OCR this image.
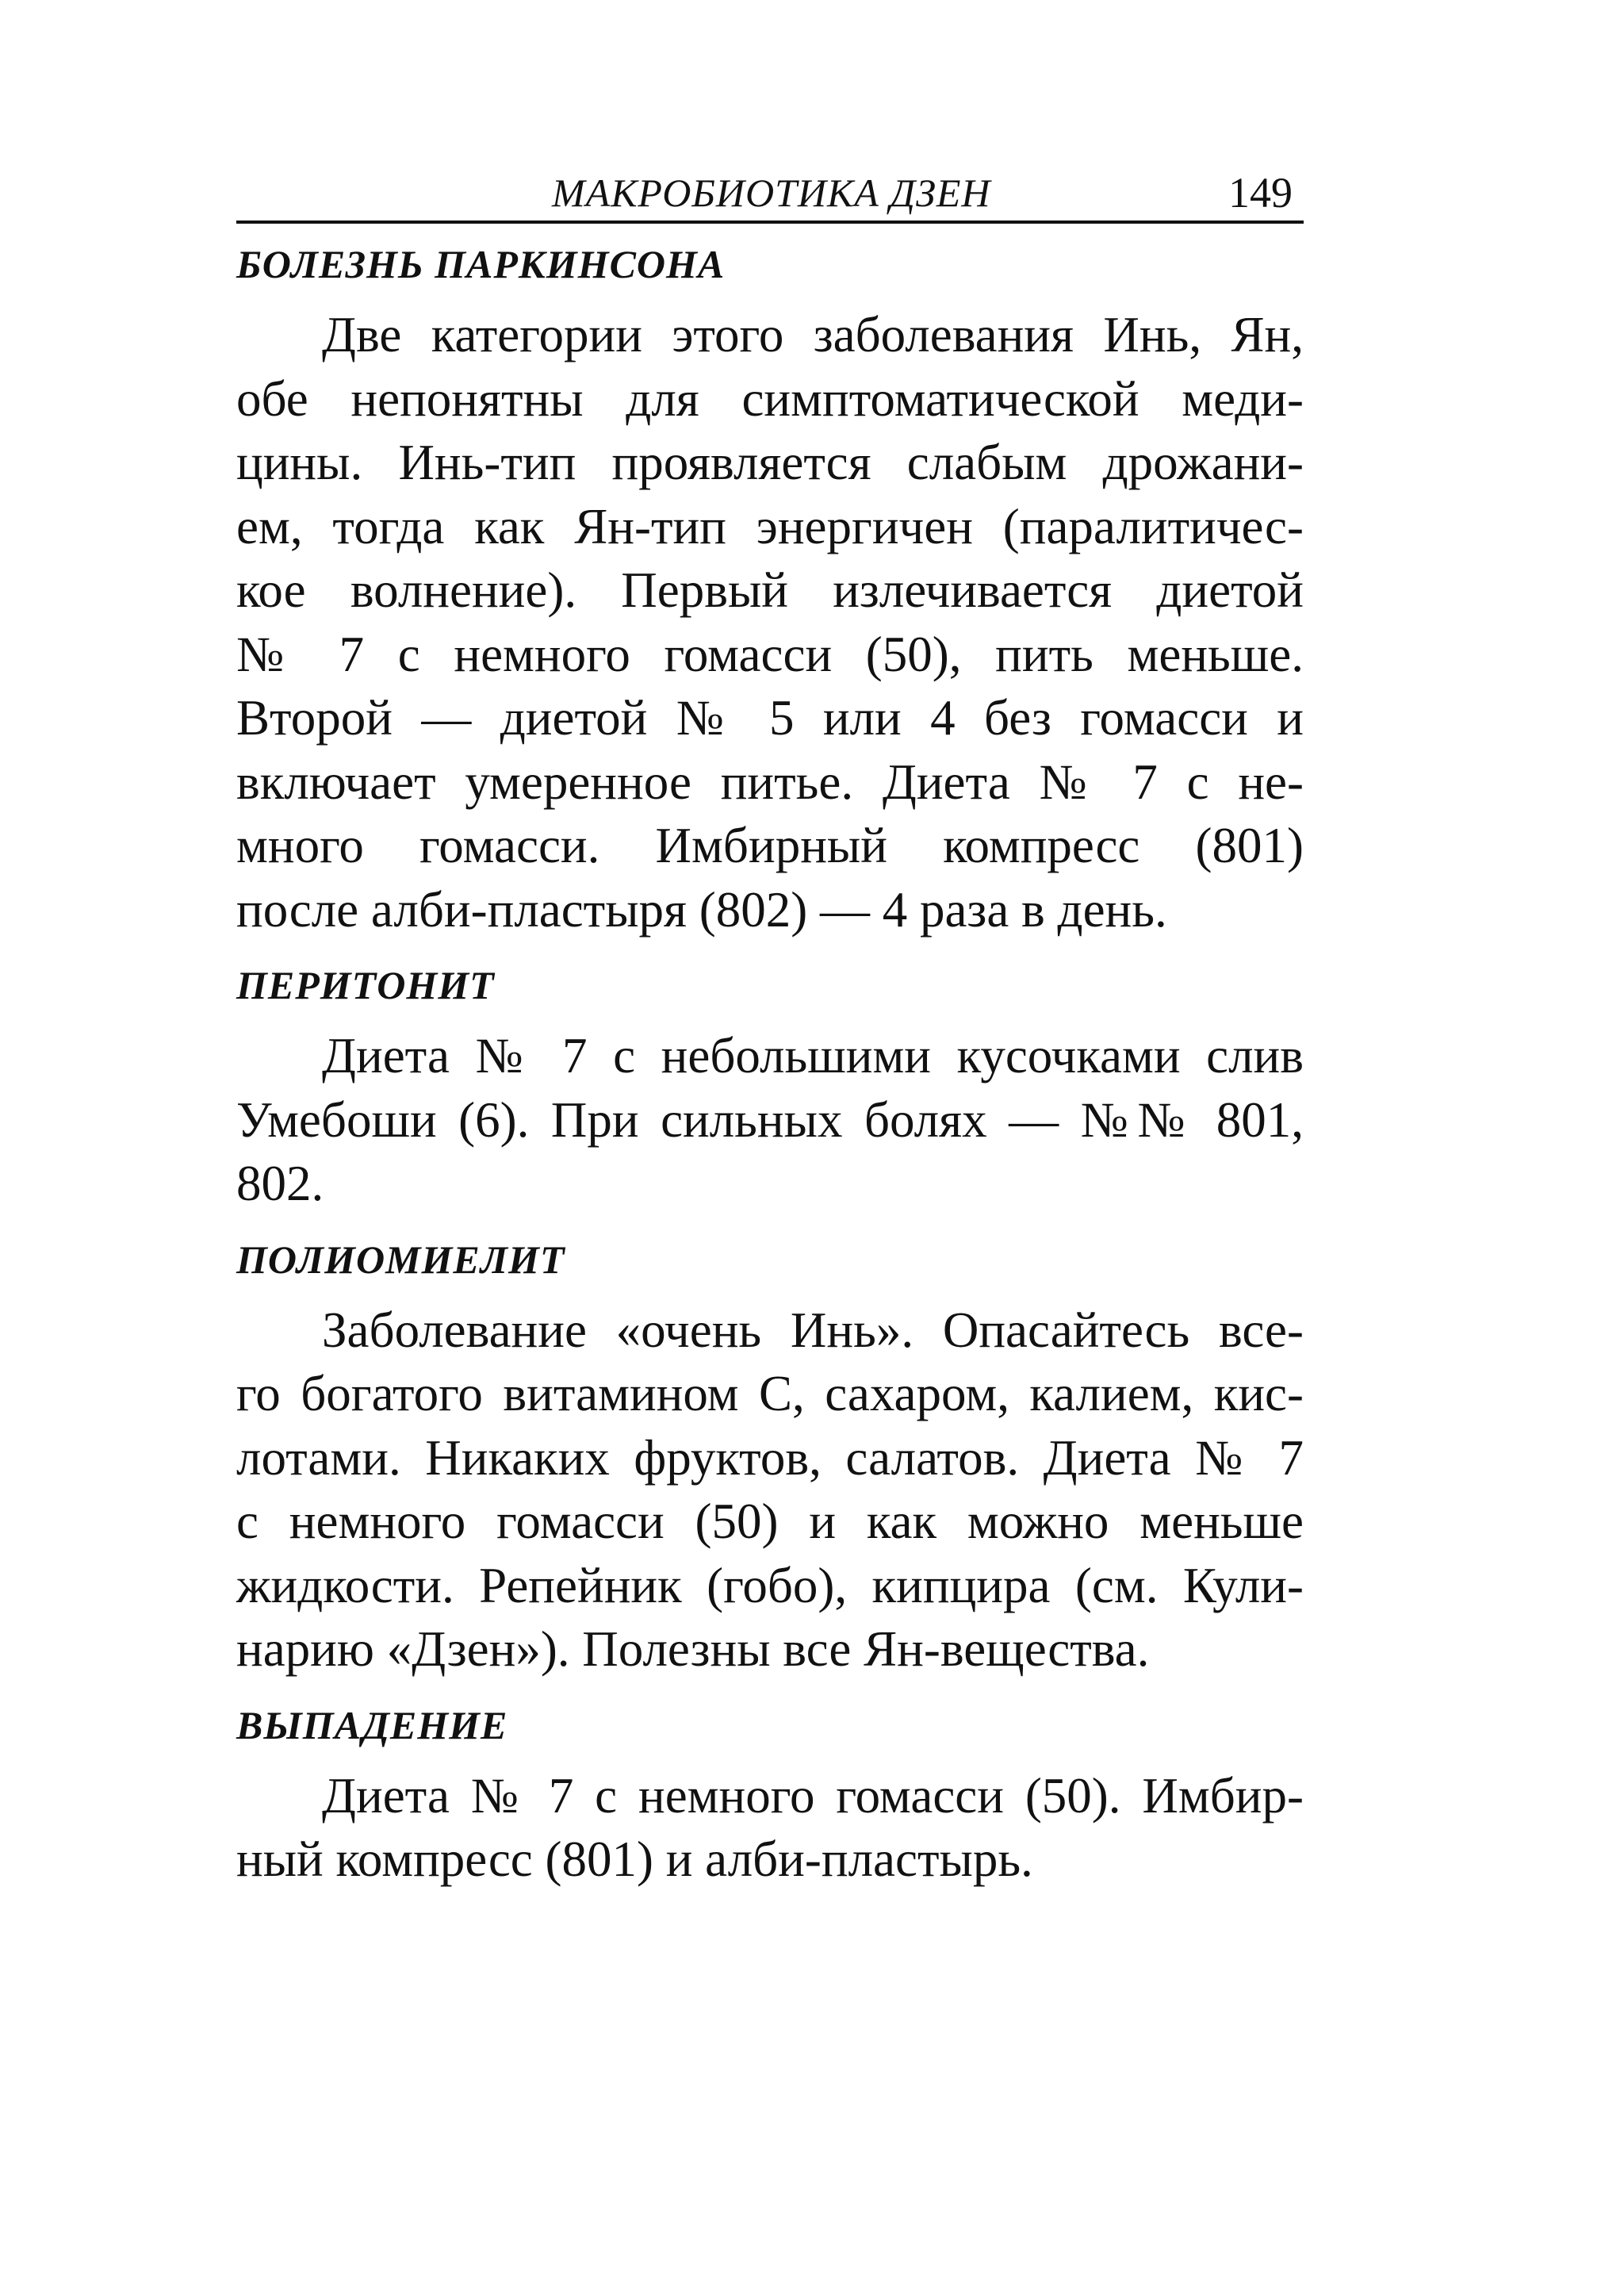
МАКРОБИОТИКА ДЗЕН	149
БОЛЕЗНЬ ПАРКИНСОНА
Две категории этого заболевания Инь, Ян,
обе непонятны для симптоматической меди-
цины. Инь-тип проявляется слабым дрожани-
ем, тогда как Ян-тип энергичен (паралитичес-
кое волнение). Первый излечивается диетой
№ 7 с немного гомасси (50), пить меньше.
Второй — диетой № 5 или 4 без гомасси и
включает умеренное питье. Диета № 7 с не-
много гомасси. Имбирный компресс (801)
после алби-пластыря (802) — 4 раза в день.
ПЕРИТОНИТ
Диета № 7 с небольшими кусочками слив
Умебоши (6). При сильных болях — №№ 801,
802.
ПОЛИОМИЕЛИТ
Заболевание «очень Инь». Опасайтесь все-
го богатого витамином С, сахаром, калием, кис-
лотами. Никаких фруктов, салатов. Диета № 7
с немного гомасси (50) и как можно меньше
жидкости. Репейник (гобо), кипцира (см. Кули-
нарию «Дзен»). Полезны все Ян-вещества.
ВЫПАДЕНИЕ
Диета № 7 с немного гомасси (50). Имбир-
ный компресс (801) и алби-пластырь.
